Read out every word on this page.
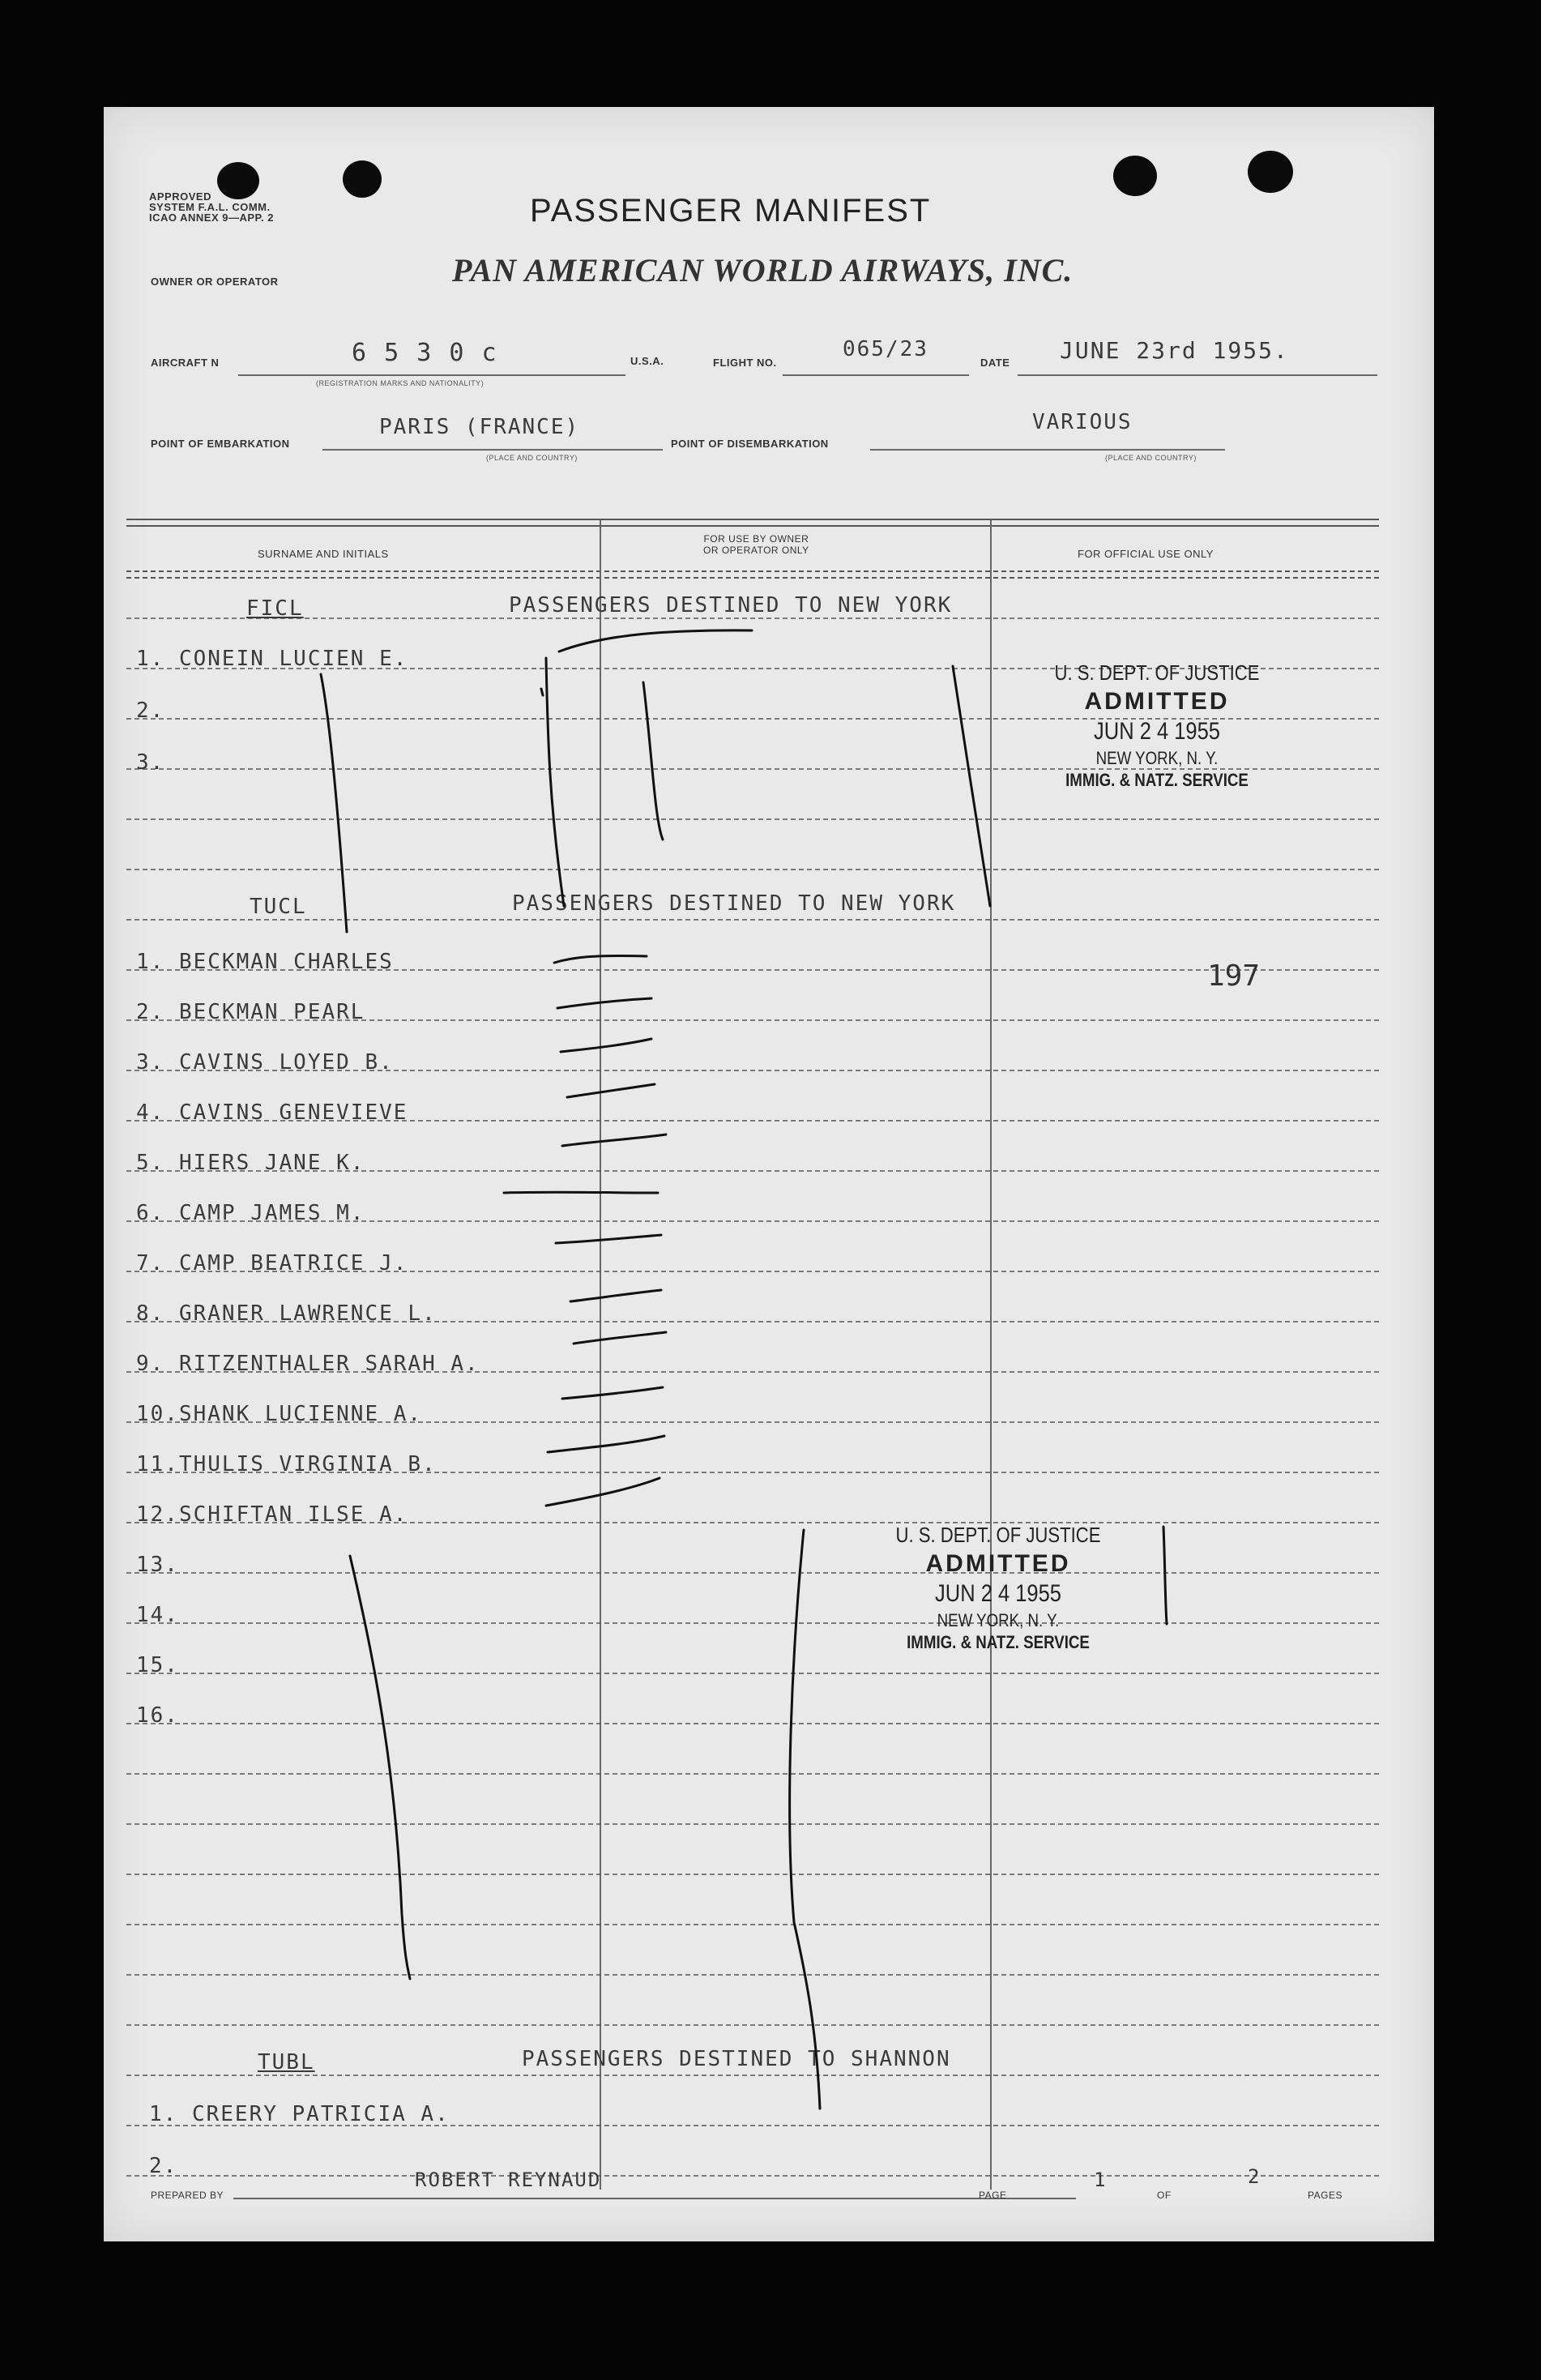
APPROVED
SYSTEM F.A.L. COMM.
ICAO ANNEX 9—APP. 2	PASSENGER MANIFEST
OWNER OR OPERATOR	PAN AMERICAN WORLD AIRWAYS, INC.
AIRCRAFT N	6 5 3 0 c
(REGISTRATION MARKS AND NATIONALITY)
U.S.A.	FLIGHT NO.
065/23
DATE JUNE 23rd 1955.
POINT OF EMBARKATION
PARIS (FRANCE)
(PLACE AND COUNTRY)
POINT OF DISEMBARKATION
VARIOUS
(PLACE AND COUNTRY)
SURNAME AND INITIALS
FOR USE BY OWNER
OR OPERATOR ONLY	FOR OFFICIAL USE ONLY
FICL	PASSENGERS DESTINED TO NEW YORK
1. CONEIN LUCIEN E.
2.
3.
TUCL	PASSENGERS DESTINED TO NEW YORK
1. BECKMAN CHARLES
2. BECKMAN PEARL
3. CAVINS LOYED B.
4. CAVINS GENEVIEVE
5. HIERS JANE K.
6. CAMP JAMES M.
7. CAMP BEATRICE J.
8. GRANER LAWRENCE L.
9. RITZENTHALER SARAH A.
10.SHANK LUCIENNE A.
11.THULIS VIRGINIA B.
12.SCHIFTAN ILSE A.
13.
14.
15.
16.
TUBL	PASSENGERS DESTINED TO SHANNON
1. CREERY PATRICIA A.
2.
U. S. DEPT. OF JUSTICE
ADMITTED
JUN 2 4 1955
NEW YORK, N. Y.
IMMIG. & NATZ. SERVICE
U. S. DEPT. OF JUSTICE
ADMITTED
JUN 2 4 1955
NEW YORK, N. Y.
IMMIG. & NATZ. SERVICE
197
PREPARED BY
ROBERT REYNAUD
PAGE
1
OF
2
PAGES
